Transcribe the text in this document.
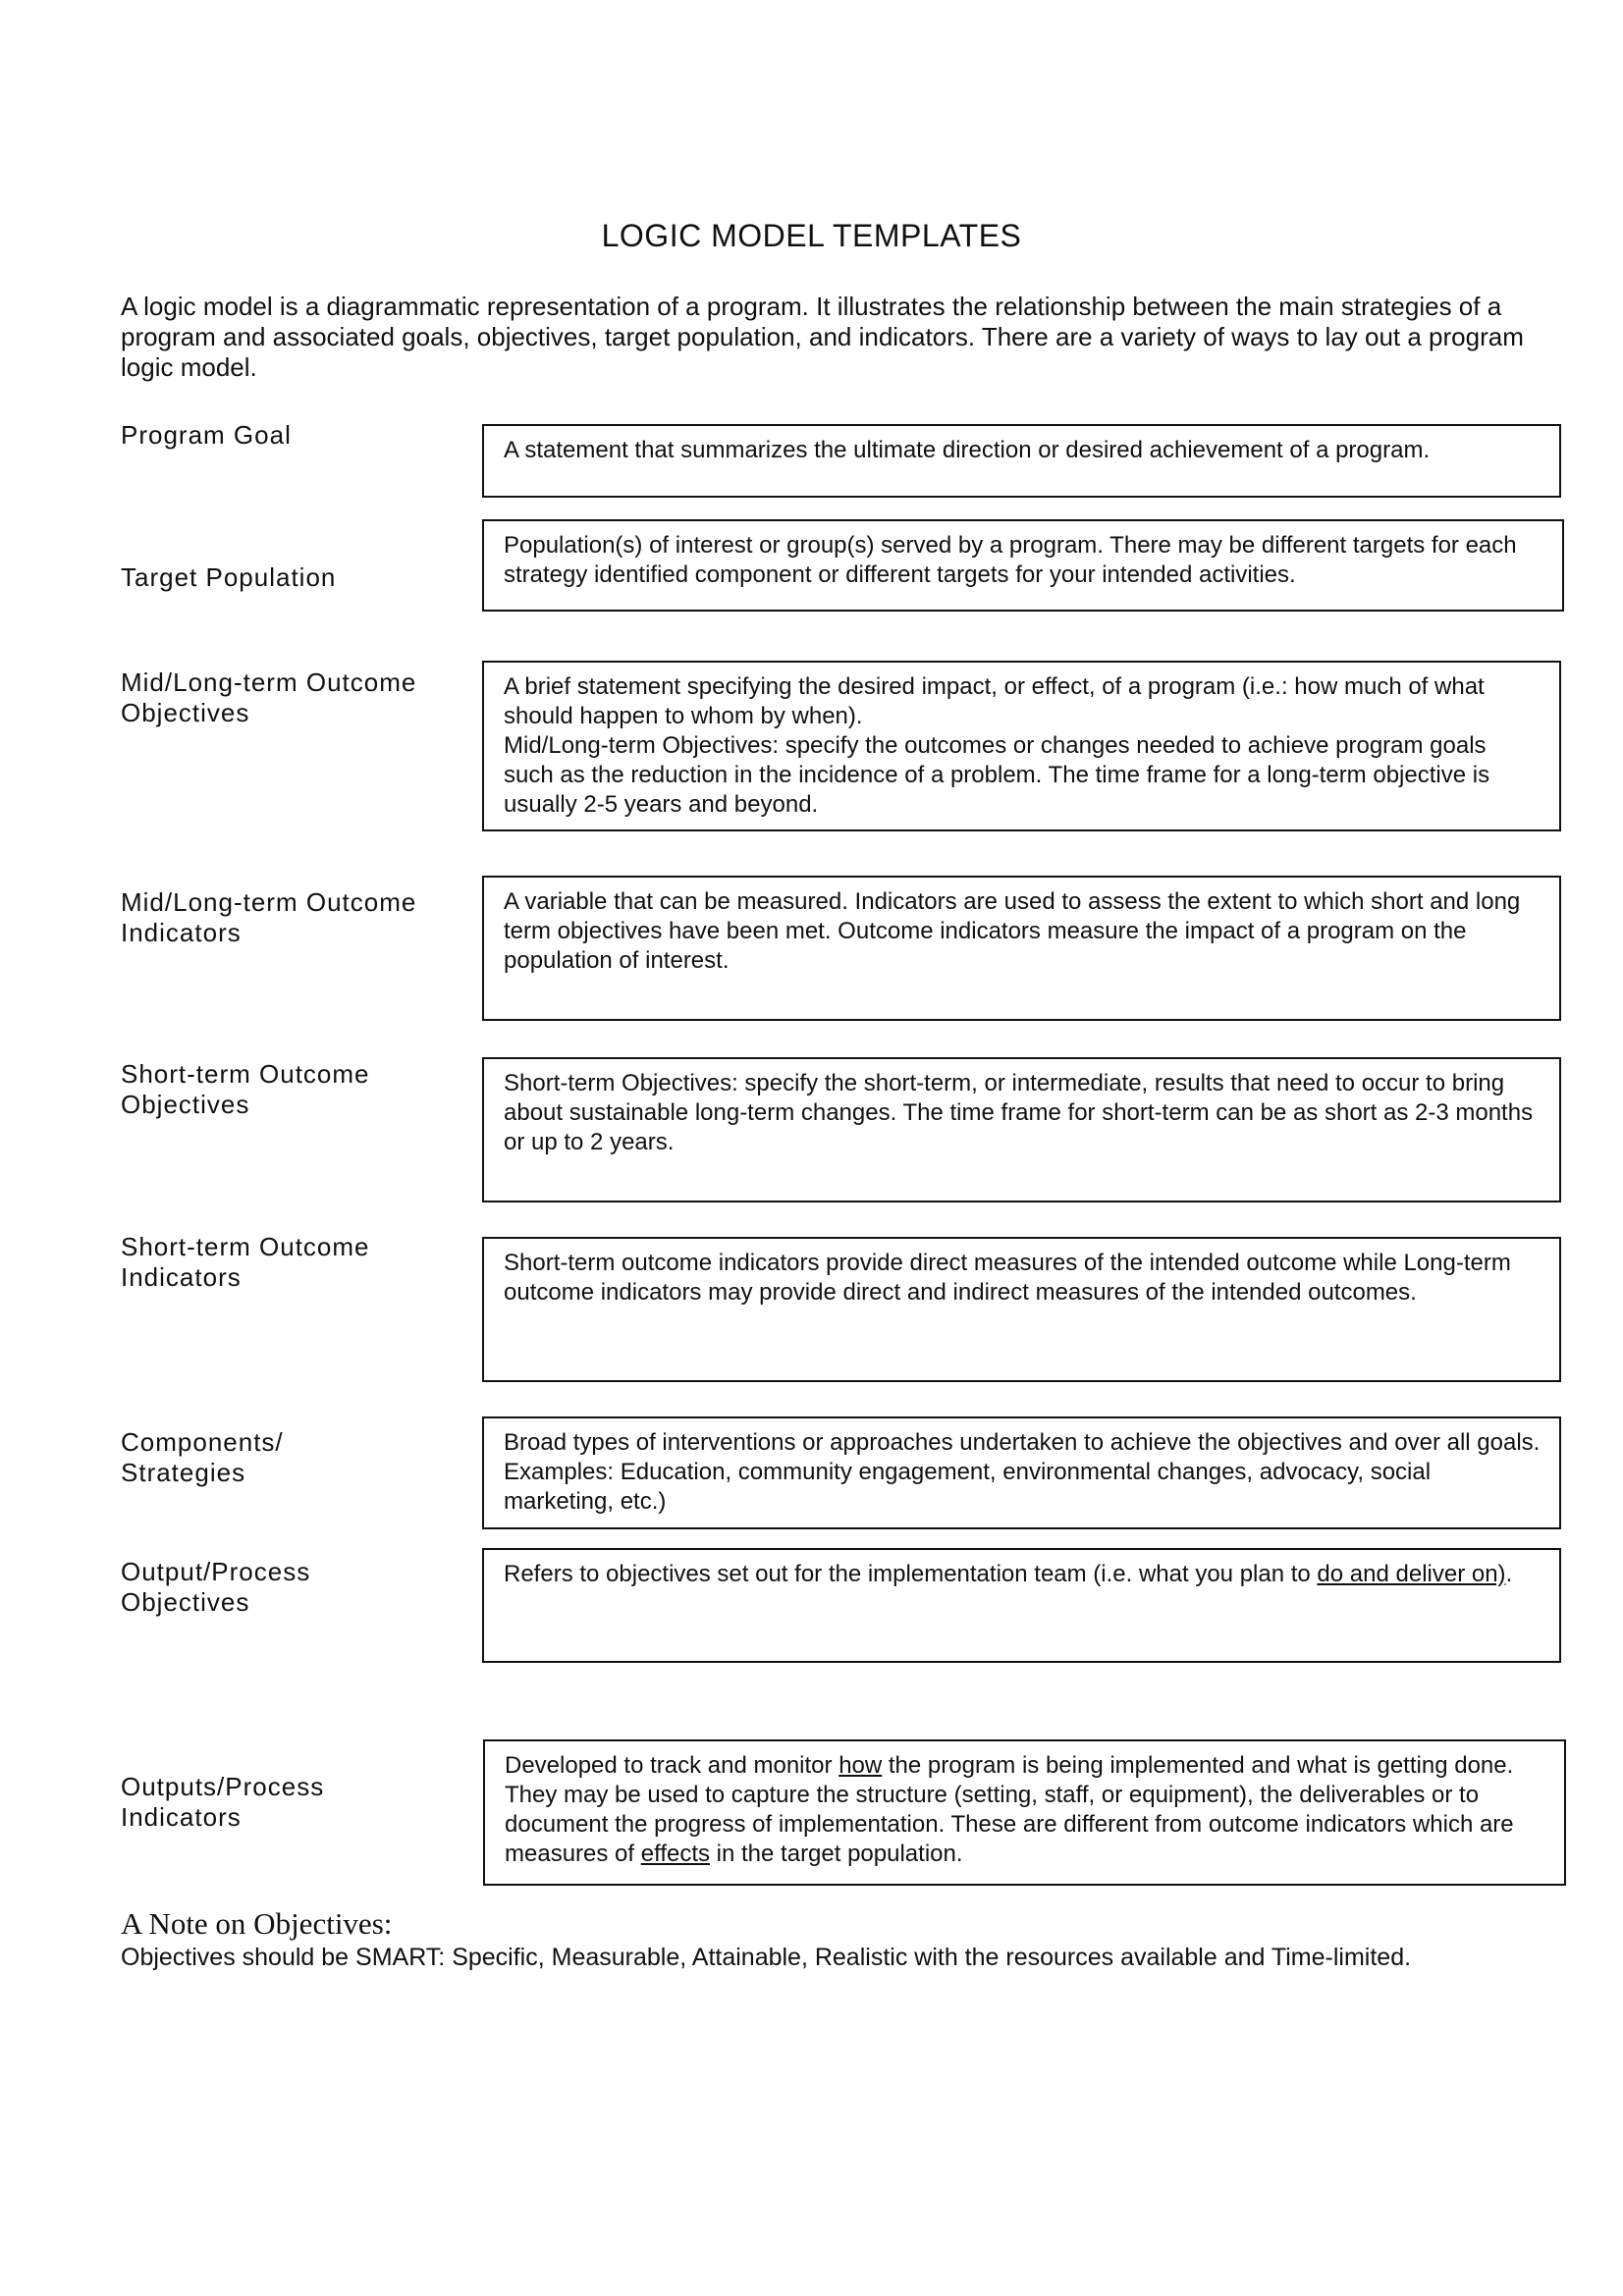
LOGIC MODEL TEMPLATES
A logic model is a diagrammatic representation of a program. It illustrates the relationship between the main strategies of a program and associated goals, objectives, target population, and indicators. There are a variety of ways to lay out a program logic model.
Program Goal
A statement that summarizes the ultimate direction or desired achievement of a program.
Target Population
Population(s) of interest or group(s) served by a program. There may be different targets for each strategy identified component or different targets for your intended activities.
Mid/Long-term Outcome
Objectives
A brief statement specifying the desired impact, or effect, of a program (i.e.: how much of what should happen to whom by when).
Mid/Long-term Objectives: specify the outcomes or changes needed to achieve program goals such as the reduction in the incidence of a problem. The time frame for a long-term objective is usually 2-5 years and beyond.
Mid/Long-term Outcome
Indicators
A variable that can be measured. Indicators are used to assess the extent to which short and long term objectives have been met. Outcome indicators measure the impact of a program on the population of interest.
Short-term Outcome
Objectives
Short-term Objectives: specify the short-term, or intermediate, results that need to occur to bring about sustainable long-term changes. The time frame for short-term can be as short as 2-3 months or up to 2 years.
Short-term Outcome
Indicators	Short-term outcome indicators provide direct measures of the intended outcome while Long-term outcome indicators may provide direct and indirect measures of the intended outcomes.
Components/
Strategies
Broad types of interventions or approaches undertaken to achieve the objectives and over all goals. Examples: Education, community engagement, environmental changes, advocacy, social marketing, etc.)
Output/Process
Objectives
Refers to objectives set out for the implementation team (i.e. what you plan to do and deliver on).
Outputs/Process
Indicators
Developed to track and monitor how the program is being implemented and what is getting done. They may be used to capture the structure (setting, staff, or equipment), the deliverables or to document the progress of implementation. These are different from outcome indicators which are measures of effects in the target population.
A Note on Objectives:
Objectives should be SMART: Specific, Measurable, Attainable, Realistic with the resources available and Time-limited.
